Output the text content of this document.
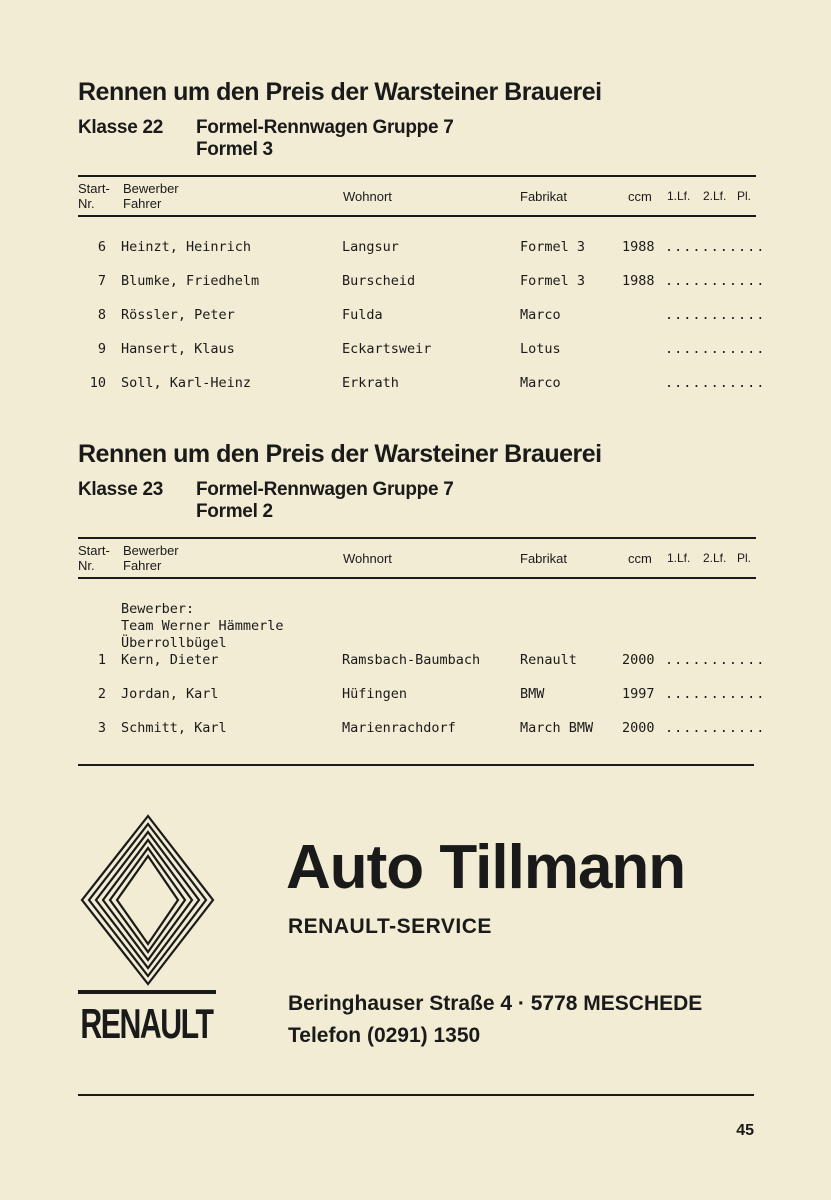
Rennen um den Preis der Warsteiner Brauerei
Klasse 22	Formel-Rennwagen Gruppe 7
Formel 3
Start-
Nr.
Bewerber
Fahrer	Wohnort	Fabrikat	ccm 1.Lf. 2.Lf. Pl.
6 Heinzt, Heinrich	Langsur	Formel 3	1988 ...........
7 Blumke, Friedhelm	Burscheid	Formel 3	1988 ...........
8 Rössler, Peter	Fulda	Marco	...........
9 Hansert, Klaus	Eckartsweir	Lotus	...........
10 Soll, Karl-Heinz	Erkrath	Marco	...........
Rennen um den Preis der Warsteiner Brauerei
Klasse 23	Formel-Rennwagen Gruppe 7
Formel 2
Start-
Nr.
Bewerber
Fahrer	Wohnort	Fabrikat	ccm 1.Lf. 2.Lf. Pl.
Bewerber:
Team Werner Hämmerle
Überrollbügel
1 Kern, Dieter	Ramsbach-Baumbach	Renault	2000 ...........
2 Jordan, Karl	Hüfingen	BMW	1997 ...........
3 Schmitt, Karl	Marienrachdorf	March BMW 2000 ...........
RENAULT
Auto Tillmann
RENAULT-SERVICE
Beringhauser Straße 4 · 5778 MESCHEDE
Telefon (0291) 1350
45
